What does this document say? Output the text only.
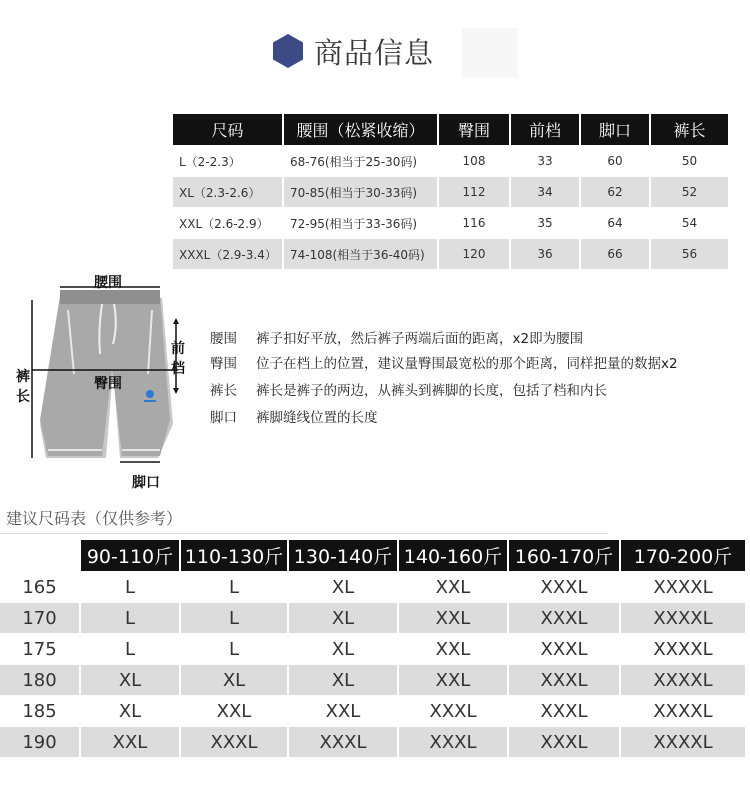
商品信息
尺码	腰围（松紧收缩）	臀围	前档	脚口	裤长
L（2-2.3）	68-76(相当于25-30码)	108	33	60	50
XL（2.3-2.6）	70-85(相当于30-33码)	112	34	62	52
XXL（2.6-2.9）	72-95(相当于33-36码)	116	35	64	54
XXXL（2.9-3.4）	74-108(相当于36-40码)	120	36	66	56
腰围
臀围
裤
长
前
档
脚口
腰围 裤子扣好平放，然后裤子两端后面的距离，x2即为腰围
臀围 位子在档上的位置，建议量臀围最宽松的那个距离，同样把量的数据x2
裤长 裤长是裤子的两边，从裤头到裤脚的长度，包括了档和内长
脚口 裤脚缝线位置的长度
建议尺码表（仅供参考）
	90-110斤	110-130斤	130-140斤	140-160斤	160-170斤	170-200斤
165	L	L	XL	XXL	XXXL	XXXXL
170	L	L	XL	XXL	XXXL	XXXXL
175	L	L	XL	XXL	XXXL	XXXXL
180	XL	XL	XL	XXL	XXXL	XXXXL
185	XL	XXL	XXL	XXXL	XXXL	XXXXL
190	XXL	XXXL	XXXL	XXXL	XXXL	XXXXL
